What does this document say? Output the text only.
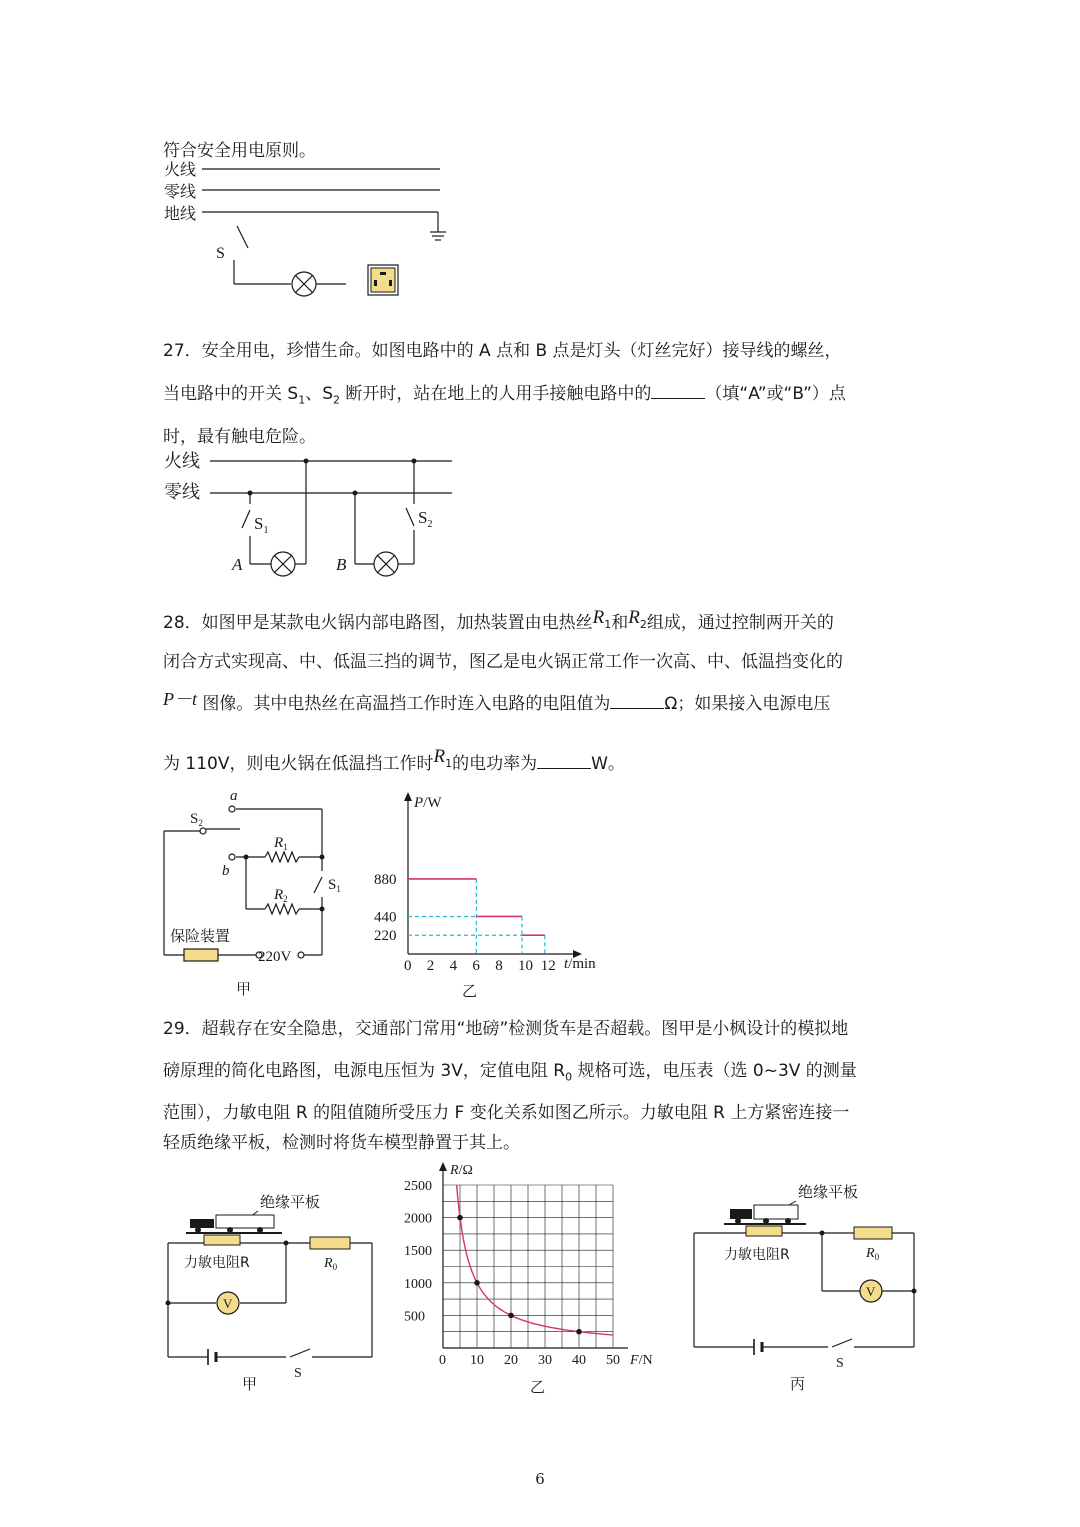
符合安全用电原则。
火线
零线
地线
S
27．安全用电，珍惜生命。如图电路中的 A 点和 B 点是灯头（灯丝完好）接导线的螺丝，
当电路中的开关 $S_1$、$S_2$ 断开时，站在地上的人用手接触电路中的	（填“A”或“B”）点
时，最有触电危险。
火线
零线
$S_1$
$S_2$
A	B
28．如图甲是某款电火锅内部电路图，加热装置由电热丝$R_1$和$R_2$组成，通过控制两开关的
闭合方式实现高、中、低温三挡的调节，图乙是电火锅正常工作一次高、中、低温挡变化的
P－t 图像。其中电热丝在高温挡工作时连入电路的电阻值为	Ω；如果接入电源电压
为 110V，则电火锅在低温挡工作时$R_1$的电功率为	W。
a
b
$S_2$
$R_1$
$R_2$
$S_1$
保险装置
220V
甲
P/W
t/min
880
440
220
0 2 4 6 8 10 12
乙
29．超载存在安全隐患，交通部门常用“地磅”检测货车是否超载。图甲是小枫设计的模拟地
磅原理的简化电路图，电源电压恒为 3V，定值电阻 $R_0$ 规格可选，电压表（选 0~3V 的测量
范围），力敏电阻 R 的阻值随所受压力 F 变化关系如图乙所示。力敏电阻 R 上方紧密连接一
轻质绝缘平板，检测时将货车模型静置于其上。
绝缘平板
V
力敏电阻R	$R_0$
S
甲
R/Ω
F/N
2500
2000
1500
1000
500
0 10 20 30 40 50
乙
绝缘平板
V
力敏电阻R	$R_0$
S
丙
6
